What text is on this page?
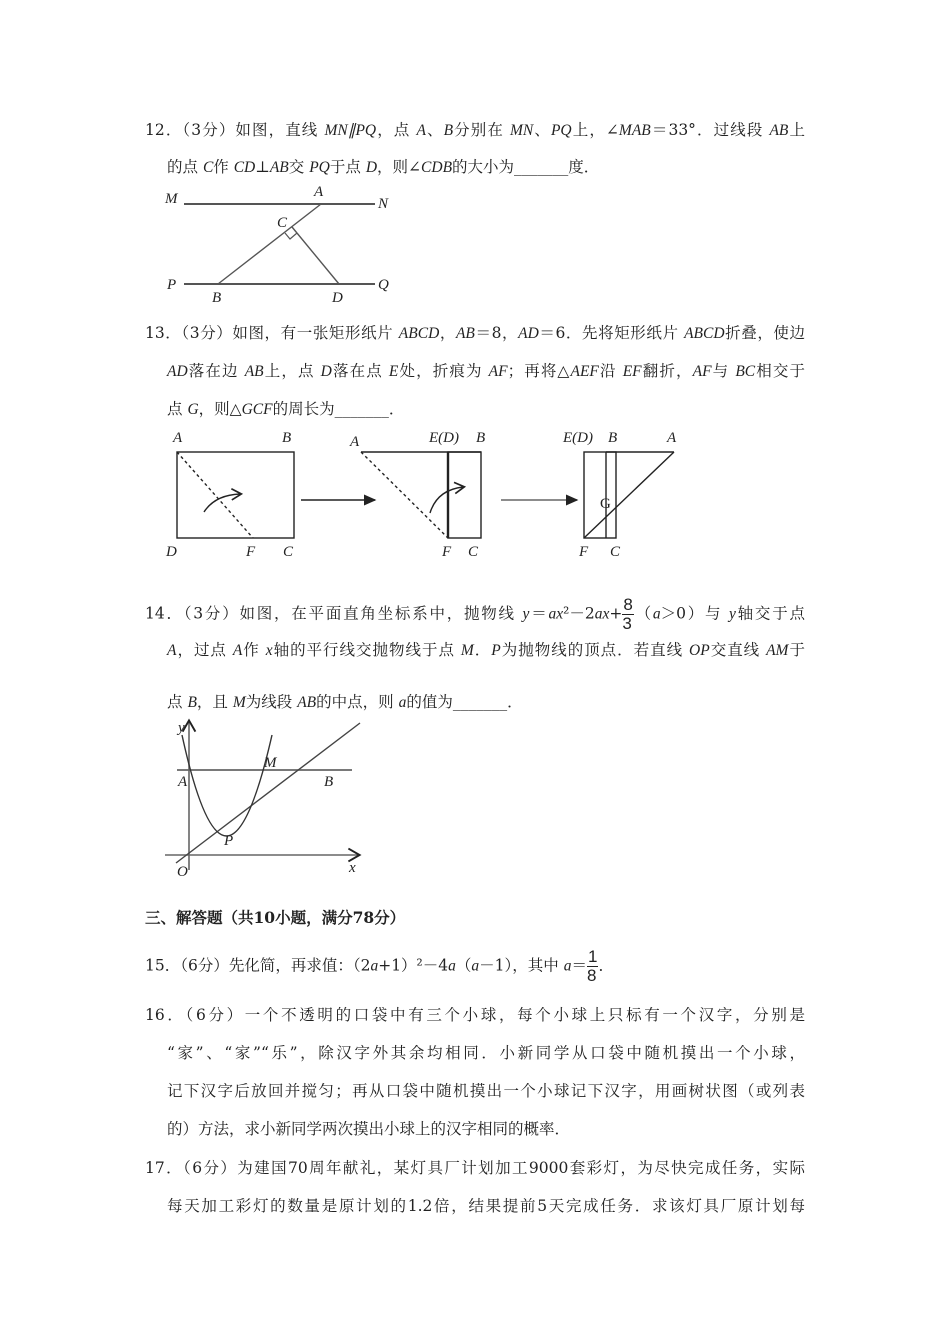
12．（3分）如图，直线 MN∥PQ，点 A、B分别在 MN、PQ上，∠MAB＝33°．过线段 AB上
的点 C作 CD⊥AB交 PQ于点 D，则∠CDB的大小为_______度．
13．（3分）如图，有一张矩形纸片 ABCD，AB＝8，AD＝6．先将矩形纸片 ABCD折叠，使边
AD落在边 AB上，点 D落在点 E处，折痕为 AF；再将△AEF沿 EF翻折，AF与 BC相交于
点 G，则△GCF的周长为_______．
14．（3分）如图，在平面直角坐标系中，抛物线 $y=ax^2-2ax+ \frac{8}{3} (a>0)$与 y轴交于点
A，过点 A作 x轴的平行线交抛物线于点 M．P为抛物线的顶点．若直线 OP交直线 AM于
点 B，且 M为线段 AB的中点，则 a的值为_______．
三、解答题（共10小题，满分78分）
15．（6分）先化简，再求值：（2a+1）²－4a（a－1），其中 $a= \frac{1}{8}$ ．
16．（6分）一个不透明的口袋中有三个小球，每个小球上只标有一个汉字，分别是
“家”、“家”“乐”，除汉字外其余均相同．小新同学从口袋中随机摸出一个小球，
记下汉字后放回并搅匀；再从口袋中随机摸出一个小球记下汉字，用画树状图（或列表
的）方法，求小新同学两次摸出小球上的汉字相同的概率．
17．（6分）为建国70周年献礼，某灯具厂计划加工9000套彩灯，为尽快完成任务，实际
每天加工彩灯的数量是原计划的1.2倍，结果提前5天完成任务．求该灯具厂原计划每
M	A
N
C
P
B	D
Q
A	B
D	F C
A	E(D) B
F C
E(D) B	A
G
F C
y
A
M
B
P
O	x
